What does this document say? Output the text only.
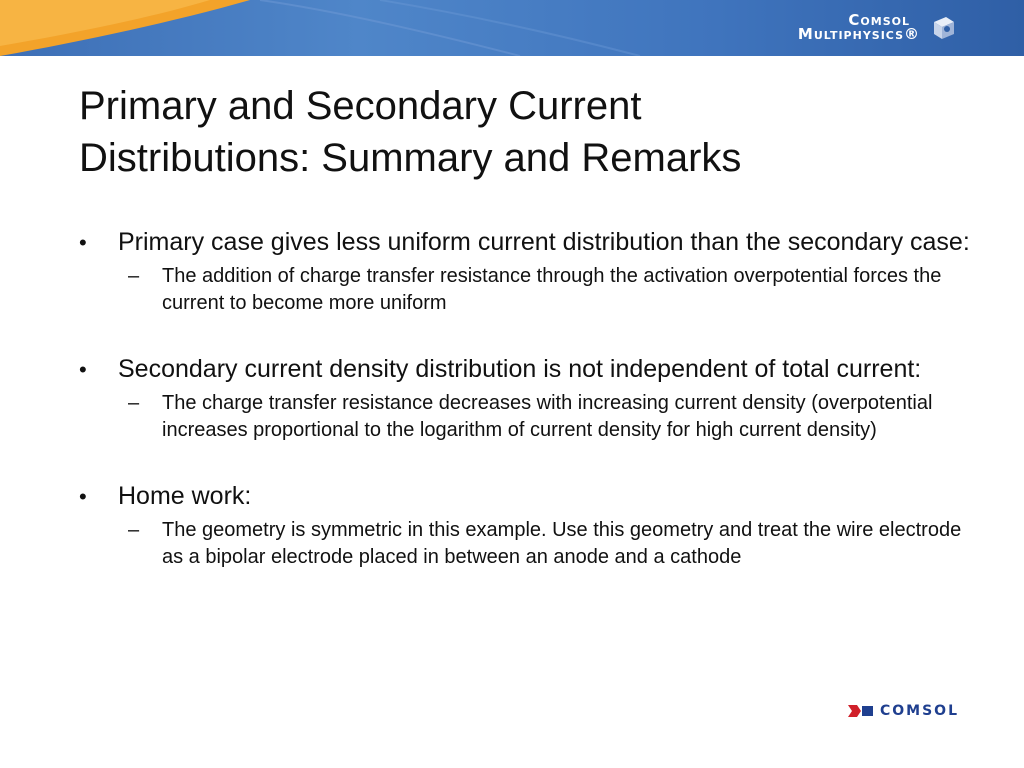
Comsol
Multiphysics®
Primary and Secondary Current
Distributions: Summary and Remarks
• Primary case gives less uniform current distribution than the secondary case:
– The addition of charge transfer resistance through the activation overpotential forces the current to become more uniform
• Secondary current density distribution is not independent of total current:
– The charge transfer resistance decreases with increasing current density (overpotential increases proportional to the logarithm of current density for high current density)
• Home work:
– The geometry is symmetric in this example. Use this geometry and treat the wire electrode as a bipolar electrode placed in between an anode and a cathode
COMSOL
